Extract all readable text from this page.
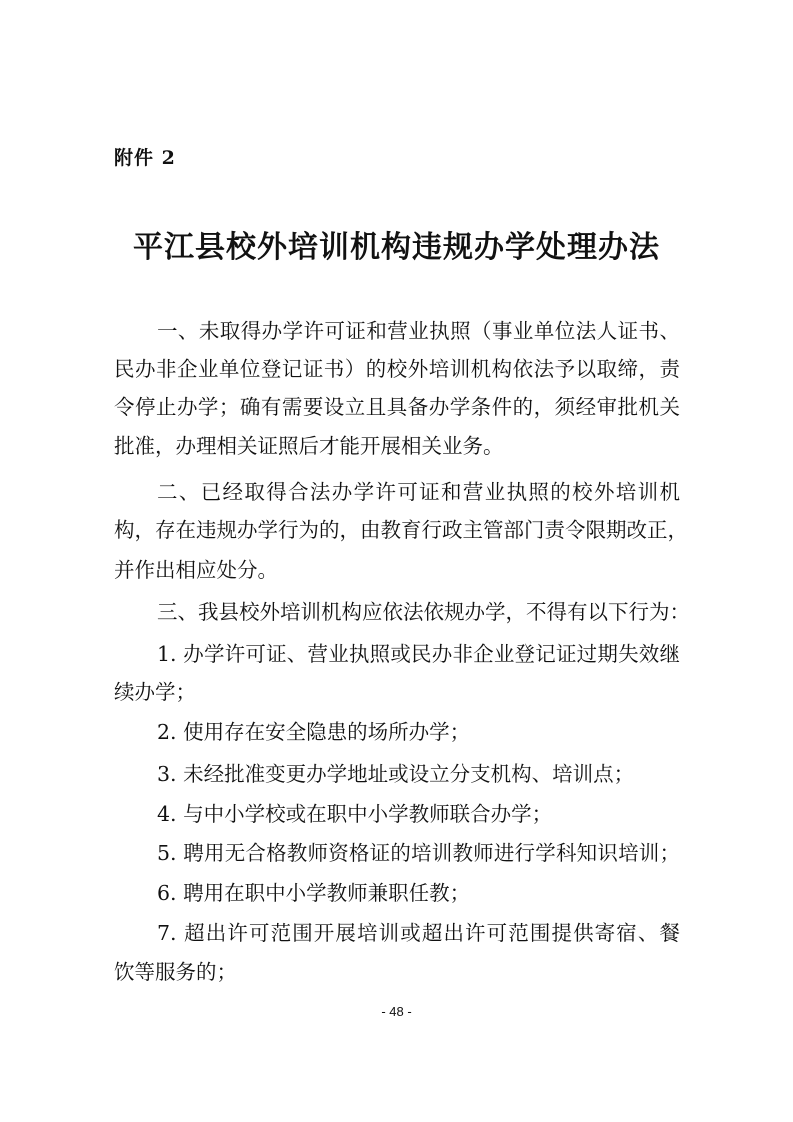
附件 2

平江县校外培训机构违规办学处理办法

一、未取得办学许可证和营业执照（事业单位法人证书、

民办非企业单位登记证书）的校外培训机构依法予以取缔，责

令停止办学；确有需要设立且具备办学条件的，须经审批机关

批准，办理相关证照后才能开展相关业务。

二、已经取得合法办学许可证和营业执照的校外培训机

构，存在违规办学行为的，由教育行政主管部门责令限期改正，

并作出相应处分。

三、我县校外培训机构应依法依规办学，不得有以下行为：

1. 办学许可证、营业执照或民办非企业登记证过期失效继

续办学；

2. 使用存在安全隐患的场所办学；

3. 未经批准变更办学地址或设立分支机构、培训点；

4. 与中小学校或在职中小学教师联合办学；

5. 聘用无合格教师资格证的培训教师进行学科知识培训；

6. 聘用在职中小学教师兼职任教；

7. 超出许可范围开展培训或超出许可范围提供寄宿、餐

饮等服务的；

- 48 -
